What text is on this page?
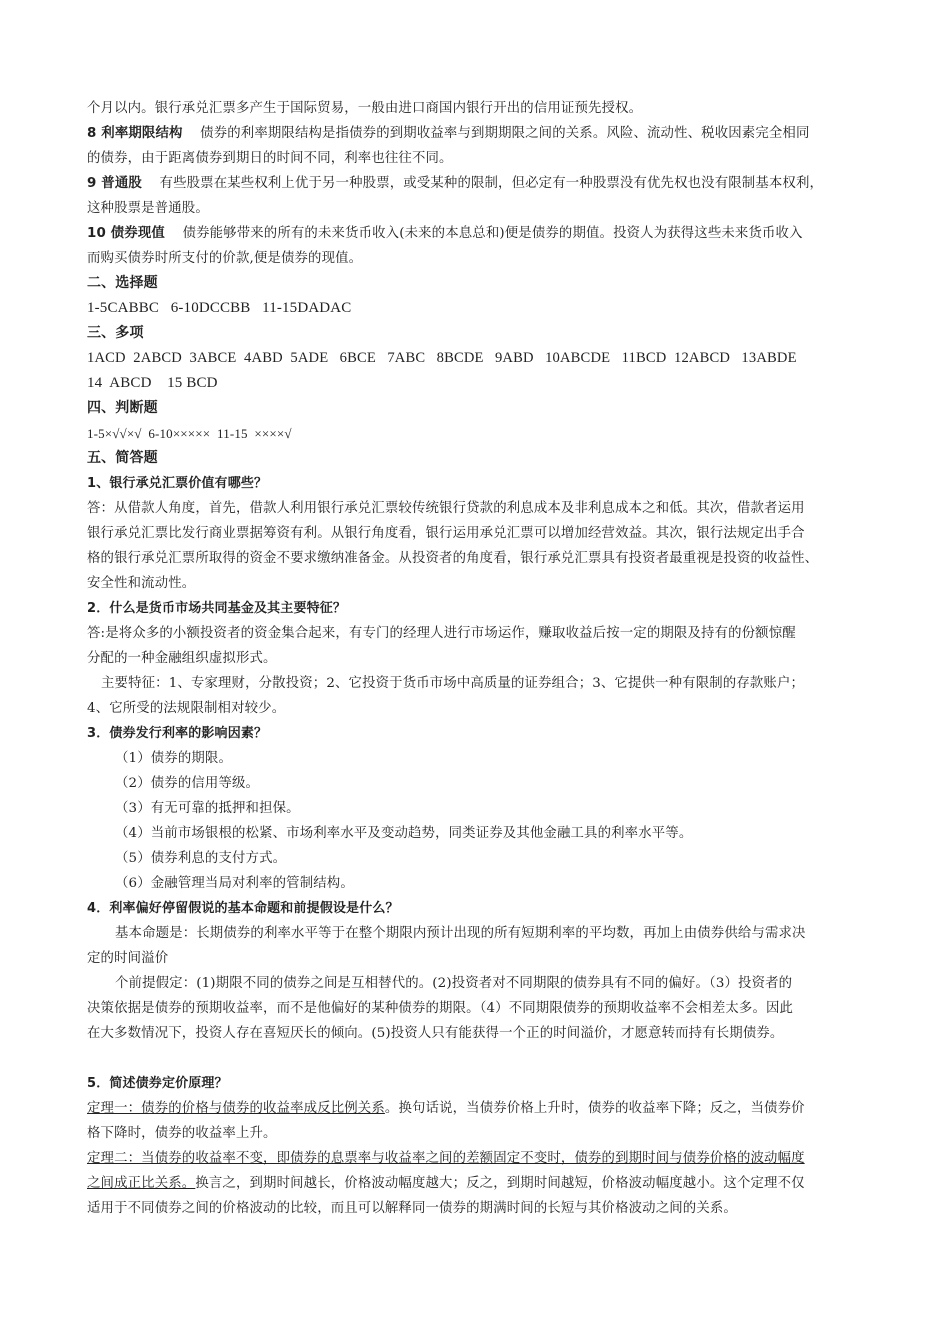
个月以内。银行承兑汇票多产生于国际贸易，一般由进口商国内银行开出的信用证预先授权。
8 利率期限结构 债券的利率期限结构是指债券的到期收益率与到期期限之间的关系。风险、流动性、税收因素完全相同
的债券，由于距离债券到期日的时间不同，利率也往往不同。
9 普通股 有些股票在某些权利上优于另一种股票，或受某种的限制，但必定有一种股票没有优先权也没有限制基本权利，
这种股票是普通股。
10 债券现值 债券能够带来的所有的未来货币收入(未来的本息总和)便是债券的期值。投资人为获得这些未来货币收入
而购买债券时所支付的价款,便是债券的现值。
二、选择题
1-5CABBC   6-10DCCBB   11-15DADAC
三、多项
1ACD  2ABCD  3ABCE  4ABD  5ADE   6BCE   7ABC   8BCDE   9ABD   10ABCDE   11BCD  12ABCD   13ABDE
14  ABCD    15 BCD
四、判断题
1-5×√√×√  6-10×××××  11-15  ××××√
五、简答题
1、银行承兑汇票价值有哪些？
答：从借款人角度，首先，借款人利用银行承兑汇票较传统银行贷款的利息成本及非利息成本之和低。其次，借款者运用
银行承兑汇票比发行商业票据筹资有利。从银行角度看，银行运用承兑汇票可以增加经营效益。其次，银行法规定出手合
格的银行承兑汇票所取得的资金不要求缴纳准备金。从投资者的角度看，银行承兑汇票具有投资者最重视是投资的收益性、
安全性和流动性。
2．什么是货币市场共同基金及其主要特征？
答:是将众多的小额投资者的资金集合起来，有专门的经理人进行市场运作，赚取收益后按一定的期限及持有的份额惊醒
分配的一种金融组织虚拟形式。
主要特征：1、专家理财，分散投资；2、它投资于货币市场中高质量的证券组合；3、它提供一种有限制的存款账户；
4、它所受的法规限制相对较少。
3．债券发行利率的影响因素？
（1）债券的期限。
（2）债券的信用等级。
（3）有无可靠的抵押和担保。
（4）当前市场银根的松紧、市场利率水平及变动趋势，同类证券及其他金融工具的利率水平等。
（5）债券利息的支付方式。
（6）金融管理当局对利率的管制结构。
4．利率偏好停留假说的基本命题和前提假设是什么？
基本命题是：长期债券的利率水平等于在整个期限内预计出现的所有短期利率的平均数，再加上由债券供给与需求决
定的时间溢价
个前提假定：(1)期限不同的债券之间是互相替代的。(2)投资者对不同期限的债券具有不同的偏好。（3）投资者的
决策依据是债券的预期收益率，而不是他偏好的某种债券的期限。（4）不同期限债券的预期收益率不会相差太多。因此
在大多数情况下，投资人存在喜短厌长的倾向。(5)投资人只有能获得一个正的时间溢价，才愿意转而持有长期债券。
5．简述债券定价原理？
定理一：债券的价格与债券的收益率成反比例关系。换句话说，当债券价格上升时，债券的收益率下降；反之，当债券价
格下降时，债券的收益率上升。
定理二：当债券的收益率不变，即债券的息票率与收益率之间的差额固定不变时，债券的到期时间与债券价格的波动幅度
之间成正比关系。换言之，到期时间越长，价格波动幅度越大；反之，到期时间越短，价格波动幅度越小。这个定理不仅
适用于不同债券之间的价格波动的比较，而且可以解释同一债券的期满时间的长短与其价格波动之间的关系。
